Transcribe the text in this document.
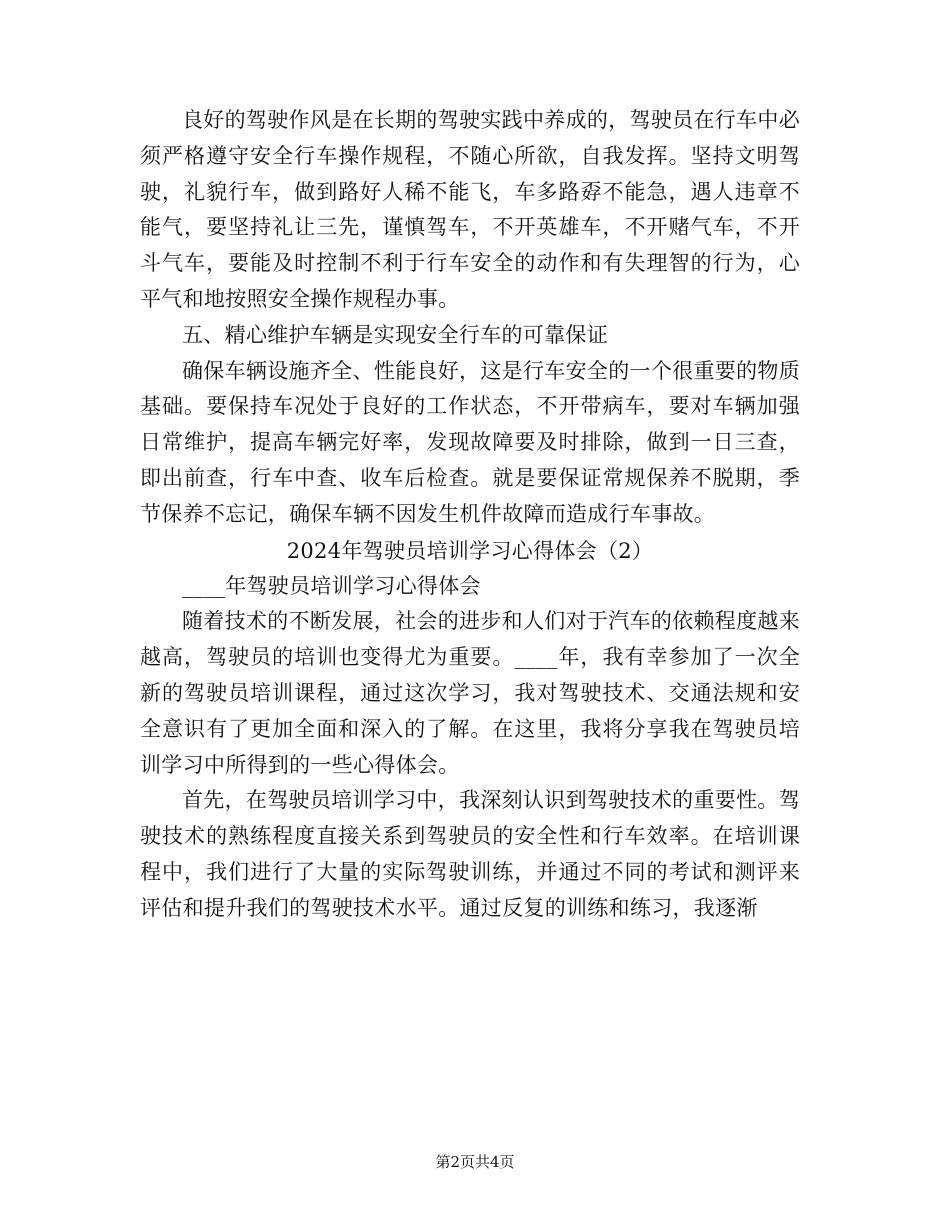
良好的驾驶作风是在长期的驾驶实践中养成的，驾驶员在行车中必须严格遵守安全行车操作规程，不随心所欲，自我发挥。坚持文明驾驶，礼貌行车，做到路好人稀不能飞，车多路孬不能急，遇人违章不能气，要坚持礼让三先，谨慎驾车，不开英雄车，不开赌气车，不开斗气车，要能及时控制不利于行车安全的动作和有失理智的行为，心平气和地按照安全操作规程办事。

五、精心维护车辆是实现安全行车的可靠保证

确保车辆设施齐全、性能良好，这是行车安全的一个很重要的物质基础。要保持车况处于良好的工作状态，不开带病车，要对车辆加强日常维护，提高车辆完好率，发现故障要及时排除，做到一日三查，即出前查，行车中查、收车后检查。就是要保证常规保养不脱期，季节保养不忘记，确保车辆不因发生机件故障而造成行车事故。

2024年驾驶员培训学习心得体会（2）

____年驾驶员培训学习心得体会

随着技术的不断发展，社会的进步和人们对于汽车的依赖程度越来越高，驾驶员的培训也变得尤为重要。____年，我有幸参加了一次全新的驾驶员培训课程，通过这次学习，我对驾驶技术、交通法规和安全意识有了更加全面和深入的了解。在这里，我将分享我在驾驶员培训学习中所得到的一些心得体会。

首先，在驾驶员培训学习中，我深刻认识到驾驶技术的重要性。驾驶技术的熟练程度直接关系到驾驶员的安全性和行车效率。在培训课程中，我们进行了大量的实际驾驶训练，并通过不同的考试和测评来评估和提升我们的驾驶技术水平。通过反复的训练和练习，我逐渐

第2页共4页
